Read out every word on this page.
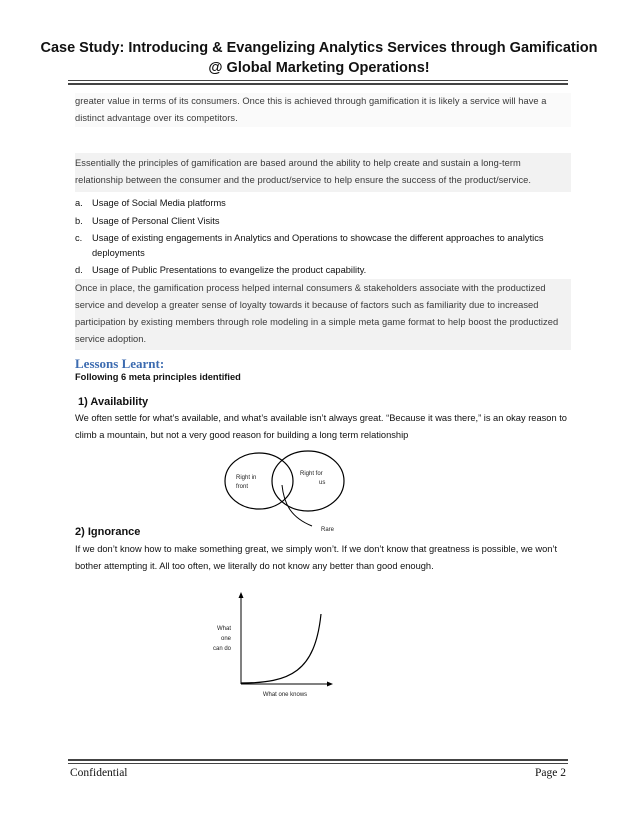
Case Study: Introducing & Evangelizing Analytics Services through Gamification
@ Global Marketing Operations!
greater value in terms of its consumers. Once this is achieved through gamification it is likely a service will have a distinct advantage over its competitors.
Essentially the principles of gamification are based around the ability to help create and sustain a long-term relationship between the consumer and the product/service to help ensure the success of the product/service.
a. Usage of Social Media platforms
b. Usage of Personal Client Visits
c. Usage of existing engagements in Analytics and Operations to showcase the different approaches to analytics deployments
d. Usage of Public Presentations to evangelize the product capability.
Once in place, the gamification process helped internal consumers & stakeholders associate with the productized service and develop a greater sense of loyalty towards it because of factors such as familiarity due to increased participation by existing members through role modeling in a simple meta game format to help boost the productized service adoption.
Lessons Learnt:
Following 6 meta principles identified
1) Availability
We often settle for what’s available, and what’s available isn’t always great. “Because it was there,” is an okay reason to climb a mountain, but not a very good reason for building a long term relationship
Right in
front
Right for
us
Rare
2) Ignorance
If we don’t know how to make something great, we simply won’t. If we don’t know that greatness is possible, we won’t bother attempting it. All too often, we literally do not know any better than good enough.
What
one
can do
What one knows
Confidential	Page 2
